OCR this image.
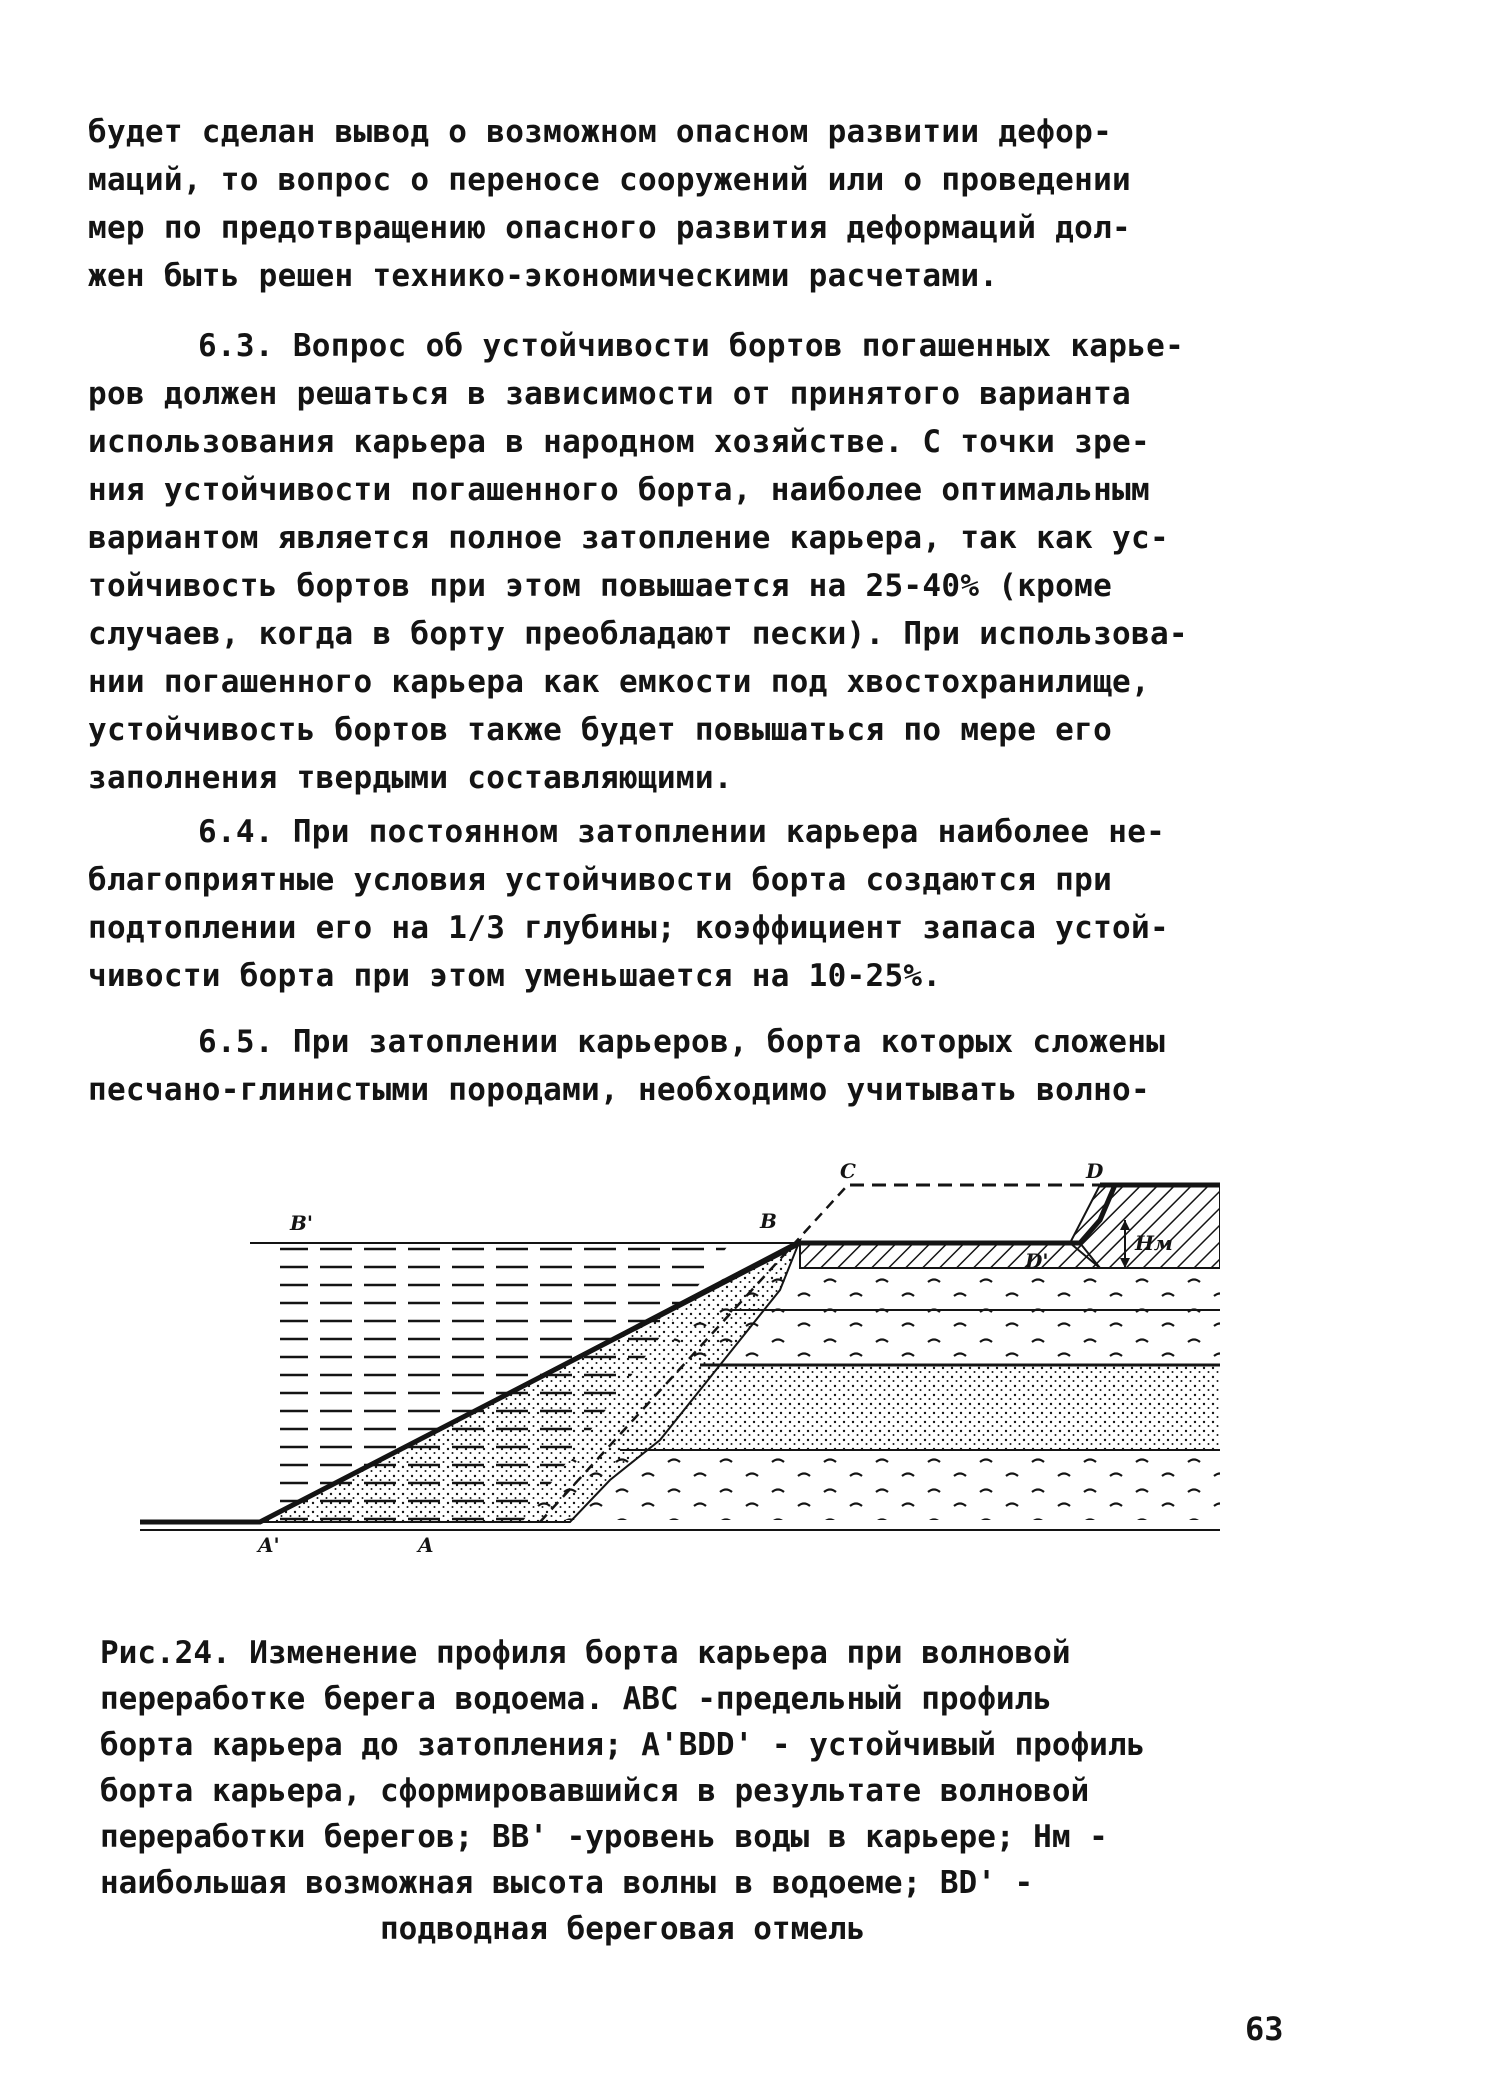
будет сделан вывод о возможном опасном развитии дефор-
маций, то вопрос о переносе сооружений или о проведении
мер по предотвращению опасного развития деформаций дол-
жен быть решен технико-экономическими расчетами.

6.3. Вопрос об устойчивости бортов погашенных карье-
ров должен решаться в зависимости от принятого варианта
использования карьера в народном хозяйстве. С точки зре-
ния устойчивости погашенного борта, наиболее оптимальным
вариантом является полное затопление карьера, так как ус-
тойчивость бортов при этом повышается на 25-40% (кроме
случаев, когда в борту преобладают пески). При использова-
нии погашенного карьера как емкости под хвостохранилище,
устойчивость бортов также будет повышаться по мере его
заполнения твердыми составляющими.

6.4. При постоянном затоплении карьера наиболее не-
благоприятные условия устойчивости борта создаются при
подтоплении его на 1/3 глубины; коэффициент запаса устой-
чивости борта при этом уменьшается на 10-25%.

6.5. При затоплении карьеров, борта которых сложены
песчано-глинистыми породами, необходимо учитывать волно-

A'	A
B'	B
C	D
D'
Hм
Рис.24. Изменение профиля борта карьера при волновой
переработке берега водоема. ABC -предельный профиль
борта карьера до затопления; A'BDD' - устойчивый профиль
борта карьера, сформировавшийся в результате волновой
переработки берегов; BB' -уровень воды в карьере; Hм -
наибольшая возможная высота волны в водоеме; BD' -
подводная береговая отмель
63
